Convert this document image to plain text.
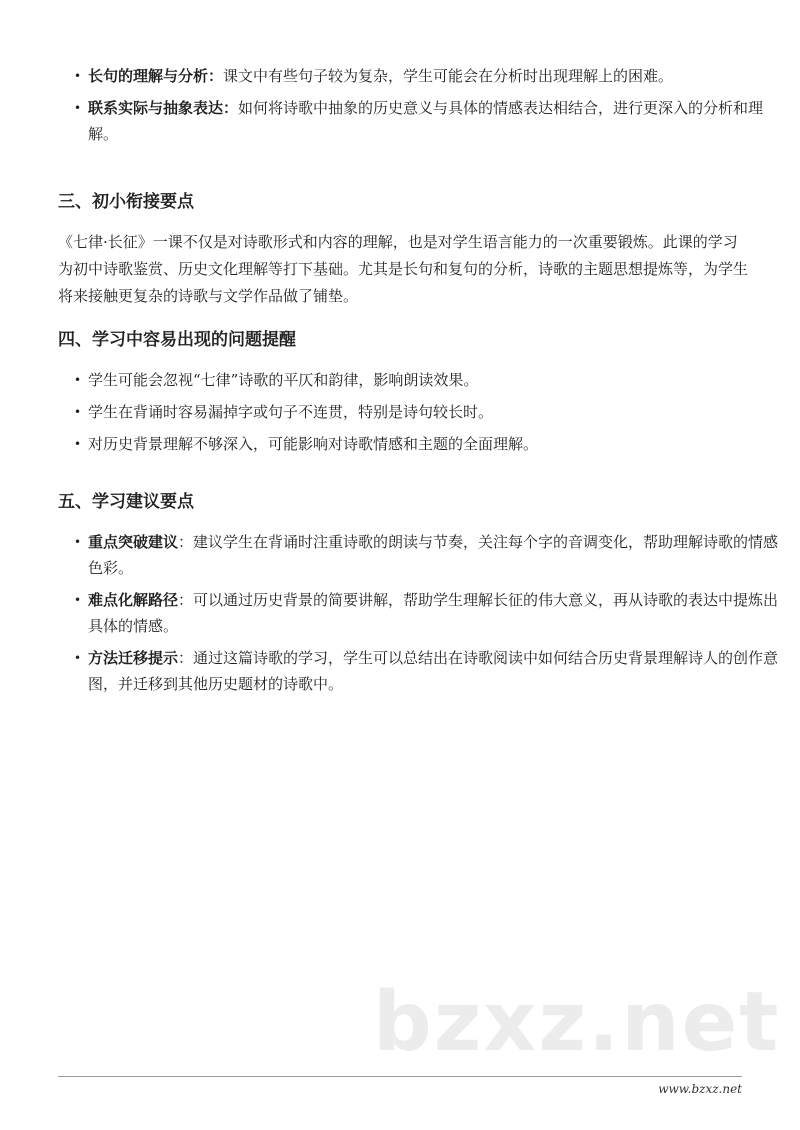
• 长句的理解与分析：课文中有些句子较为复杂，学生可能会在分析时出现理解上的困难。
• 联系实际与抽象表达：如何将诗歌中抽象的历史意义与具体的情感表达相结合，进行更深入的分析和理解。
三、初小衔接要点

《七律·长征》一课不仅是对诗歌形式和内容的理解，也是对学生语言能力的一次重要锻炼。此课的学习为初中诗歌鉴赏、历史文化理解等打下基础。尤其是长句和复句的分析，诗歌的主题思想提炼等，为学生将来接触更复杂的诗歌与文学作品做了铺垫。

四、学习中容易出现的问题提醒
• 学生可能会忽视“七律”诗歌的平仄和韵律，影响朗读效果。
• 学生在背诵时容易漏掉字或句子不连贯，特别是诗句较长时。
• 对历史背景理解不够深入，可能影响对诗歌情感和主题的全面理解。
五、学习建议要点
• 重点突破建议：建议学生在背诵时注重诗歌的朗读与节奏，关注每个字的音调变化，帮助理解诗歌的情感色彩。
• 难点化解路径：可以通过历史背景的简要讲解，帮助学生理解长征的伟大意义，再从诗歌的表达中提炼出具体的情感。
• 方法迁移提示：通过这篇诗歌的学习，学生可以总结出在诗歌阅读中如何结合历史背景理解诗人的创作意图，并迁移到其他历史题材的诗歌中。
bzxz.net
www.bzxz.net
